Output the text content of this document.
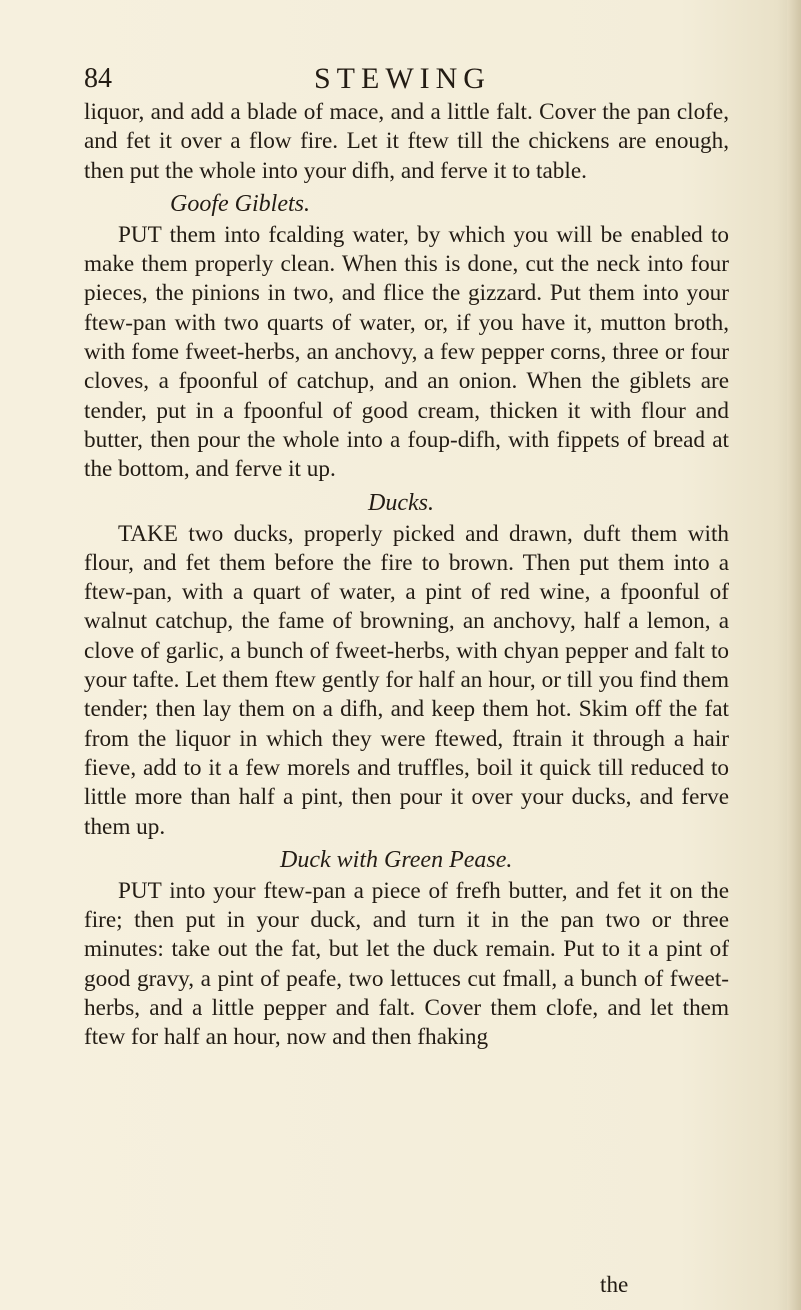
84	STEWING

liquor, and add a blade of mace, and a little falt. Cover the pan clofe, and fet it over a flow fire. Let it ftew till the chickens are enough, then put the whole into your difh, and ferve it to table.

Goofe Giblets.

PUT them into fcalding water, by which you will be enabled to make them properly clean. When this is done, cut the neck into four pieces, the pinions in two, and flice the gizzard. Put them into your ftew-pan with two quarts of water, or, if you have it, mutton broth, with fome fweet-herbs, an anchovy, a few pepper corns, three or four cloves, a fpoonful of catchup, and an onion. When the giblets are tender, put in a fpoonful of good cream, thicken it with flour and butter, then pour the whole into a foup-difh, with fippets of bread at the bottom, and ferve it up.

Ducks.

TAKE two ducks, properly picked and drawn, duft them with flour, and fet them before the fire to brown. Then put them into a ftew-pan, with a quart of water, a pint of red wine, a fpoonful of walnut catchup, the fame of browning, an anchovy, half a lemon, a clove of garlic, a bunch of fweet-herbs, with chyan pepper and falt to your tafte. Let them ftew gently for half an hour, or till you find them tender; then lay them on a difh, and keep them hot. Skim off the fat from the liquor in which they were ftewed, ftrain it through a hair fieve, add to it a few morels and truffles, boil it quick till reduced to little more than half a pint, then pour it over your ducks, and ferve them up.

Duck with Green Pease.

PUT into your ftew-pan a piece of frefh butter, and fet it on the fire; then put in your duck, and turn it in the pan two or three minutes: take out the fat, but let the duck remain. Put to it a pint of good gravy, a pint of peafe, two lettuces cut fmall, a bunch of fweet-herbs, and a little pepper and falt. Cover them clofe, and let them ftew for half an hour, now and then fhaking

the
